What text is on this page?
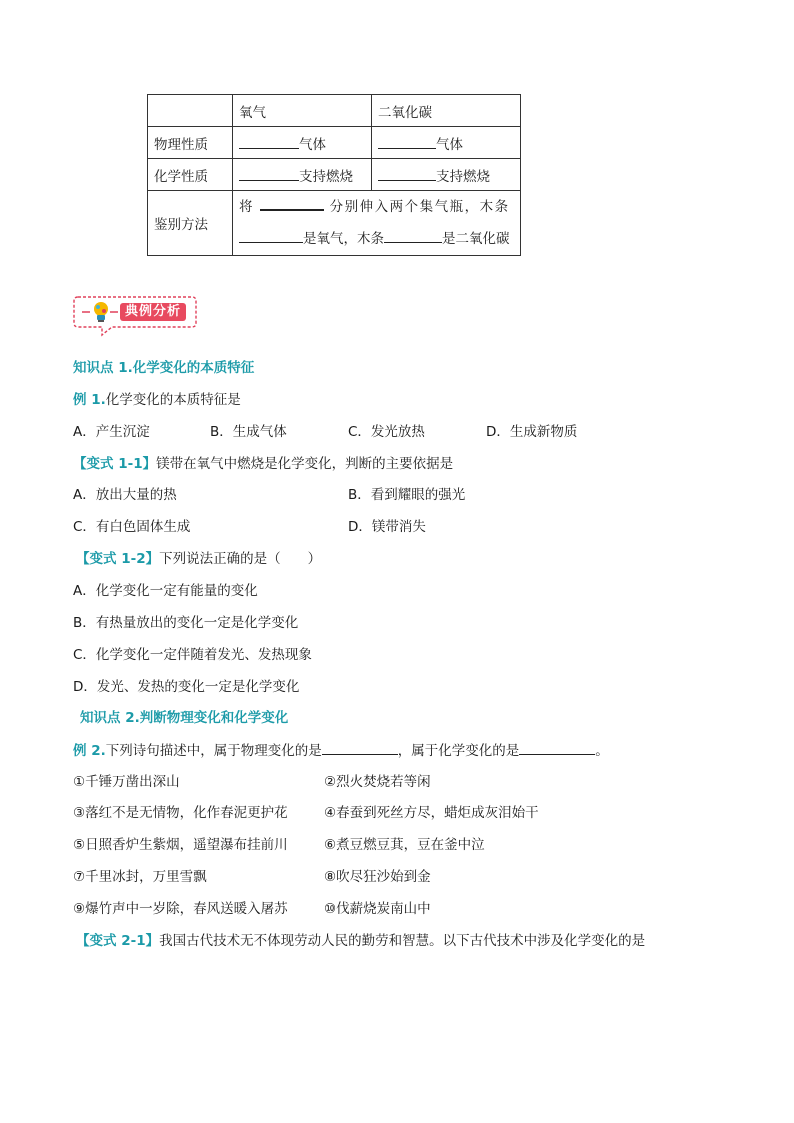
	氧气	二氧化碳
物理性质	气体	气体
化学性质	支持燃烧	支持燃烧
鉴别方法	将 分别伸入两个集气瓶，木条
是氧气，木条 是二氧化碳	
典例分析
知识点 1.化学变化的本质特征
例 1.化学变化的本质特征是
A．产生沉淀	B．生成气体	C．发光放热	D．生成新物质
【变式 1-1】镁带在氧气中燃烧是化学变化，判断的主要依据是
A．放出大量的热	B．看到耀眼的强光
C．有白色固体生成	D．镁带消失
【变式 1-2】下列说法正确的是（　　）
A．化学变化一定有能量的变化
B．有热量放出的变化一定是化学变化
C．化学变化一定伴随着发光、发热现象
D．发光、发热的变化一定是化学变化
知识点 2.判断物理变化和化学变化
例 2.下列诗句描述中，属于物理变化的是	，属于化学变化的是	。
①千锤万凿出深山	②烈火焚烧若等闲
③落红不是无情物，化作春泥更护花	④春蚕到死丝方尽，蜡炬成灰泪始干
⑤日照香炉生紫烟，遥望瀑布挂前川	⑥煮豆燃豆萁，豆在釜中泣
⑦千里冰封，万里雪飘	⑧吹尽狂沙始到金
⑨爆竹声中一岁除，春风送暖入屠苏	⑩伐薪烧炭南山中
【变式 2-1】我国古代技术无不体现劳动人民的勤劳和智慧。以下古代技术中涉及化学变化的是
